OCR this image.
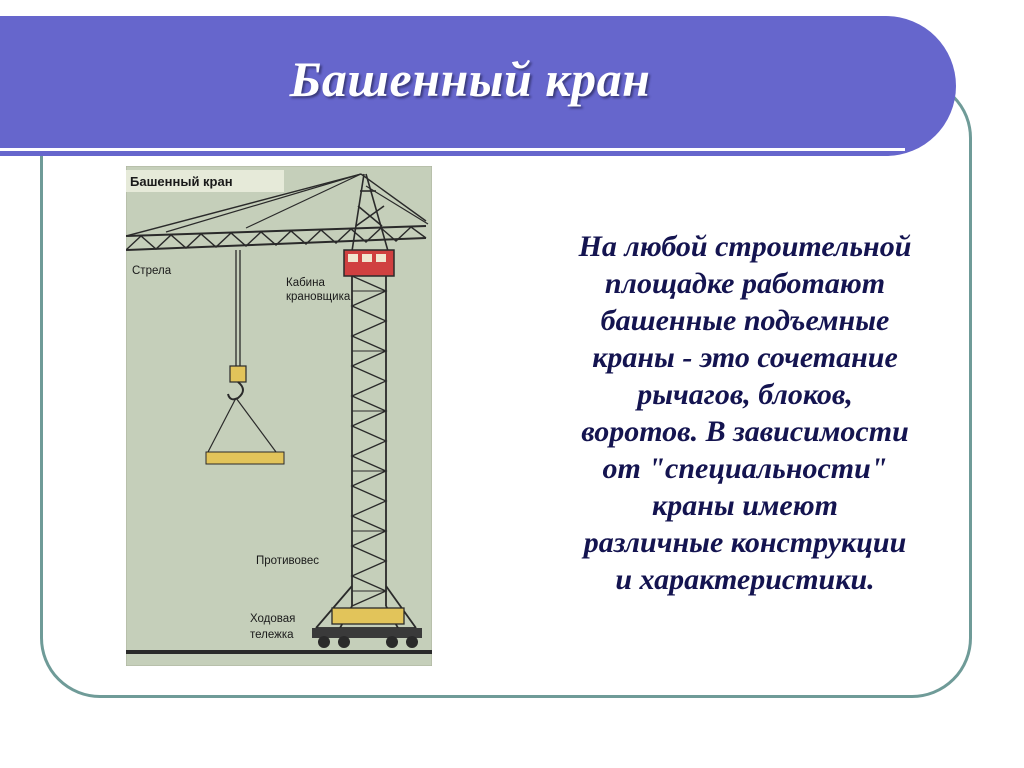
Башенный кран
Башенный кран
Стрела
Кабина
крановщика
Противовес
Ходовая
тележка
На любой строительной
площадке работают
башенные подъемные
краны - это сочетание
рычагов, блоков,
воротов. В зависимости
от "специальности"
краны имеют
различные конструкции
и характеристики.
